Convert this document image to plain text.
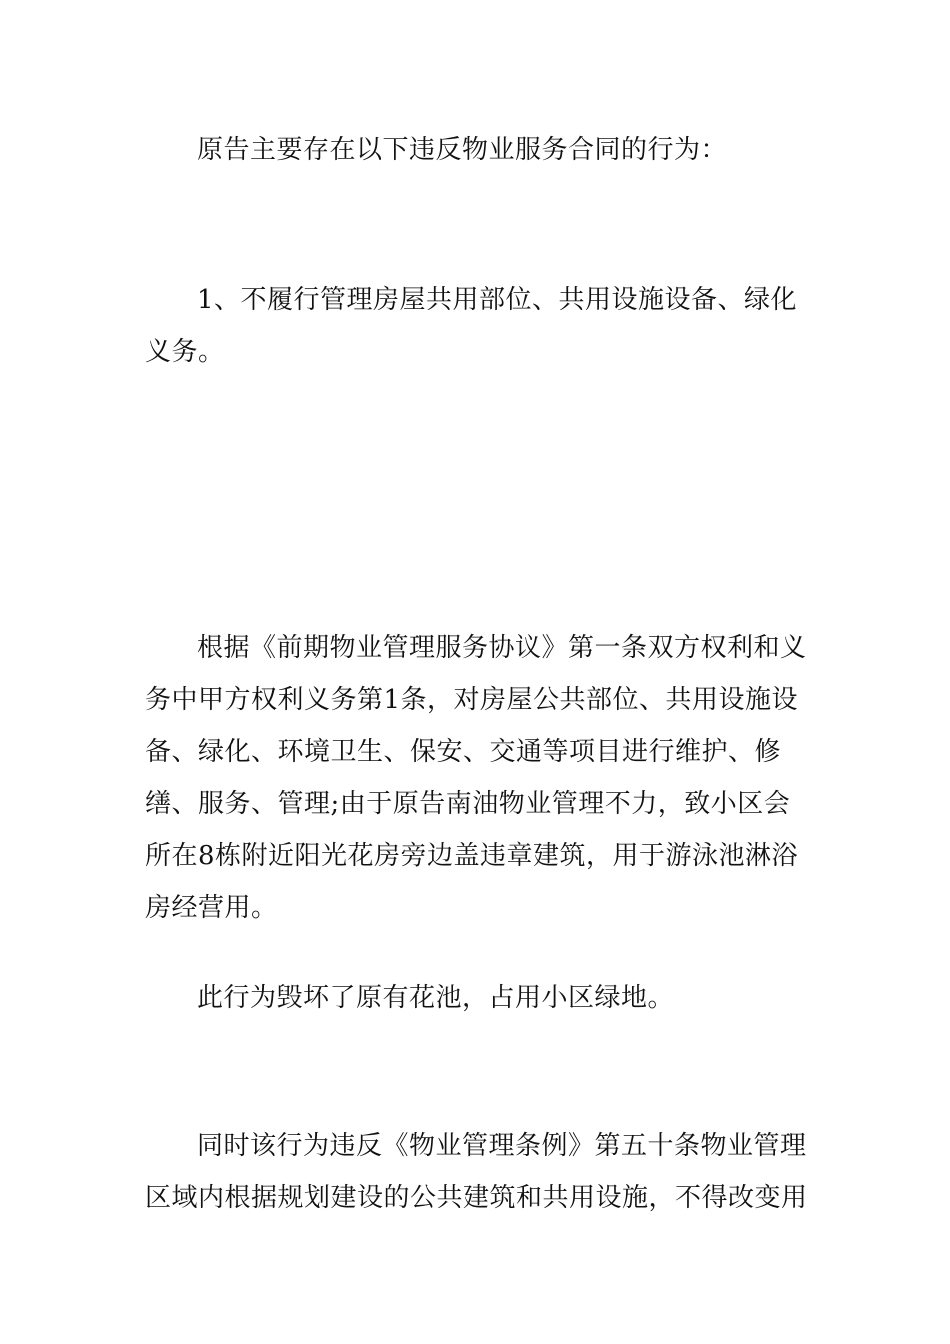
原告主要存在以下违反物业服务合同的行为：

1、不履行管理房屋共用部位、共用设施设备、绿化义务。

根据《前期物业管理服务协议》第一条双方权利和义务中甲方权利义务第1条，对房屋公共部位、共用设施设备、绿化、环境卫生、保安、交通等项目进行维护、修缮、服务、管理;由于原告南油物业管理不力，致小区会所在8栋附近阳光花房旁边盖违章建筑，用于游泳池淋浴房经营用。

此行为毁坏了原有花池，占用小区绿地。

同时该行为违反《物业管理条例》第五十条物业管理区域内根据规划建设的公共建筑和共用设施，不得改变用
